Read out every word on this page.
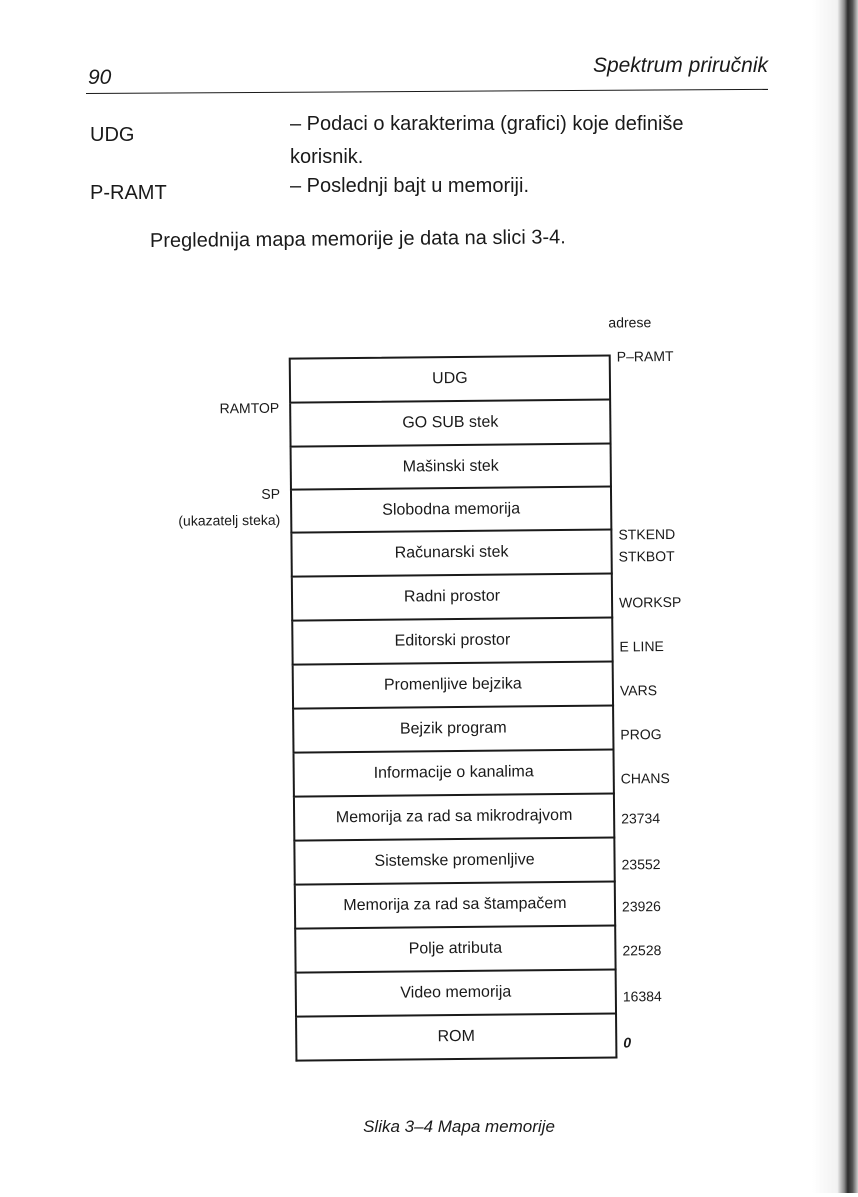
90
Spektrum priručnik
UDG	– Podaci o karakterima (grafici) koje definiše
korisnik.
P-RAMT	– Poslednji bajt u memoriji.
Preglednija mapa memorije je data na slici 3-4.
adrese
UDG
GO SUB stek
Mašinski stek
Slobodna memorija
Računarski stek
Radni prostor
Editorski prostor
Promenljive bejzika
Bejzik program
Informacije o kanalima
Memorija za rad sa mikrodrajvom
Sistemske promenljive
Memorija za rad sa štampačem
Polje atributa
Video memorija
ROM
P–RAMT
STKEND
STKBOT
WORKSP
E LINE
VARS
PROG
CHANS
23734
23552
23926
22528
16384
0
RAMTOP
SP
(ukazatelj steka)
Slika 3–4 Mapa memorije
